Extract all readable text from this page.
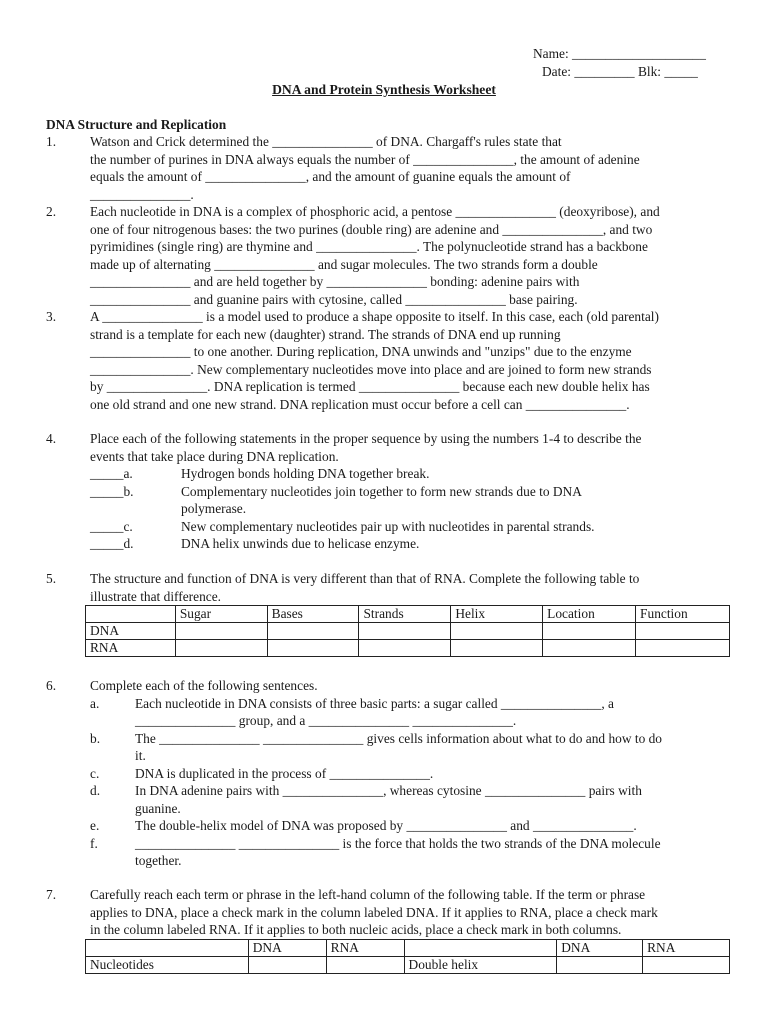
Name: ____________________
Date: _________ Blk: _____
DNA and Protein Synthesis Worksheet
DNA Structure and Replication
1.	Watson and Crick determined the _______________ of DNA. Chargaff's rules state that

the number of purines in DNA always equals the number of _______________, the amount of adenine

equals the amount of _______________, and the amount of guanine equals the amount of

_______________.

2.	Each nucleotide in DNA is a complex of phosphoric acid, a pentose _______________ (deoxyribose), and

one of four nitrogenous bases: the two purines (double ring) are adenine and _______________, and two

pyrimidines (single ring) are thymine and _______________. The polynucleotide strand has a backbone

made up of alternating _______________ and sugar molecules. The two strands form a double

_______________ and are held together by _______________ bonding: adenine pairs with

_______________ and guanine pairs with cytosine, called _______________ base pairing.

3.	A _______________ is a model used to produce a shape opposite to itself. In this case, each (old parental)

strand is a template for each new (daughter) strand. The strands of DNA end up running

_______________ to one another. During replication, DNA unwinds and "unzips" due to the enzyme

_______________. New complementary nucleotides move into place and are joined to form new strands

by _______________. DNA replication is termed _______________ because each new double helix has

one old strand and one new strand. DNA replication must occur before a cell can _______________.

4.	Place each of the following statements in the proper sequence by using the numbers 1-4 to describe the

events that take place during DNA replication.

_____a.	Hydrogen bonds holding DNA together break.
_____b.	Complementary nucleotides join together to form new strands due to DNA
polymerase.
_____c.	New complementary nucleotides pair up with nucleotides in parental strands.
_____d.	DNA helix unwinds due to helicase enzyme.
5.	The structure and function of DNA is very different than that of RNA. Complete the following table to

illustrate that difference.

	Sugar	Bases	Strands	Helix	Location	Function
DNA						
RNA						
6.	Complete each of the following sentences.

a.	Each nucleotide in DNA consists of three basic parts: a sugar called _______________, a
_______________ group, and a _______________ _______________.
b.	The _______________ _______________ gives cells information about what to do and how to do
it.
c.	DNA is duplicated in the process of _______________.
d.	In DNA adenine pairs with _______________, whereas cytosine _______________ pairs with
guanine.
e.	The double-helix model of DNA was proposed by _______________ and _______________.
f.	_______________ _______________ is the force that holds the two strands of the DNA molecule
together.
7.	Carefully reach each term or phrase in the left-hand column of the following table. If the term or phrase

applies to DNA, place a check mark in the column labeled DNA. If it applies to RNA, place a check mark

in the column labeled RNA. If it applies to both nucleic acids, place a check mark in both columns.

	DNA	RNA		DNA	RNA
Nucleotides			Double helix		
